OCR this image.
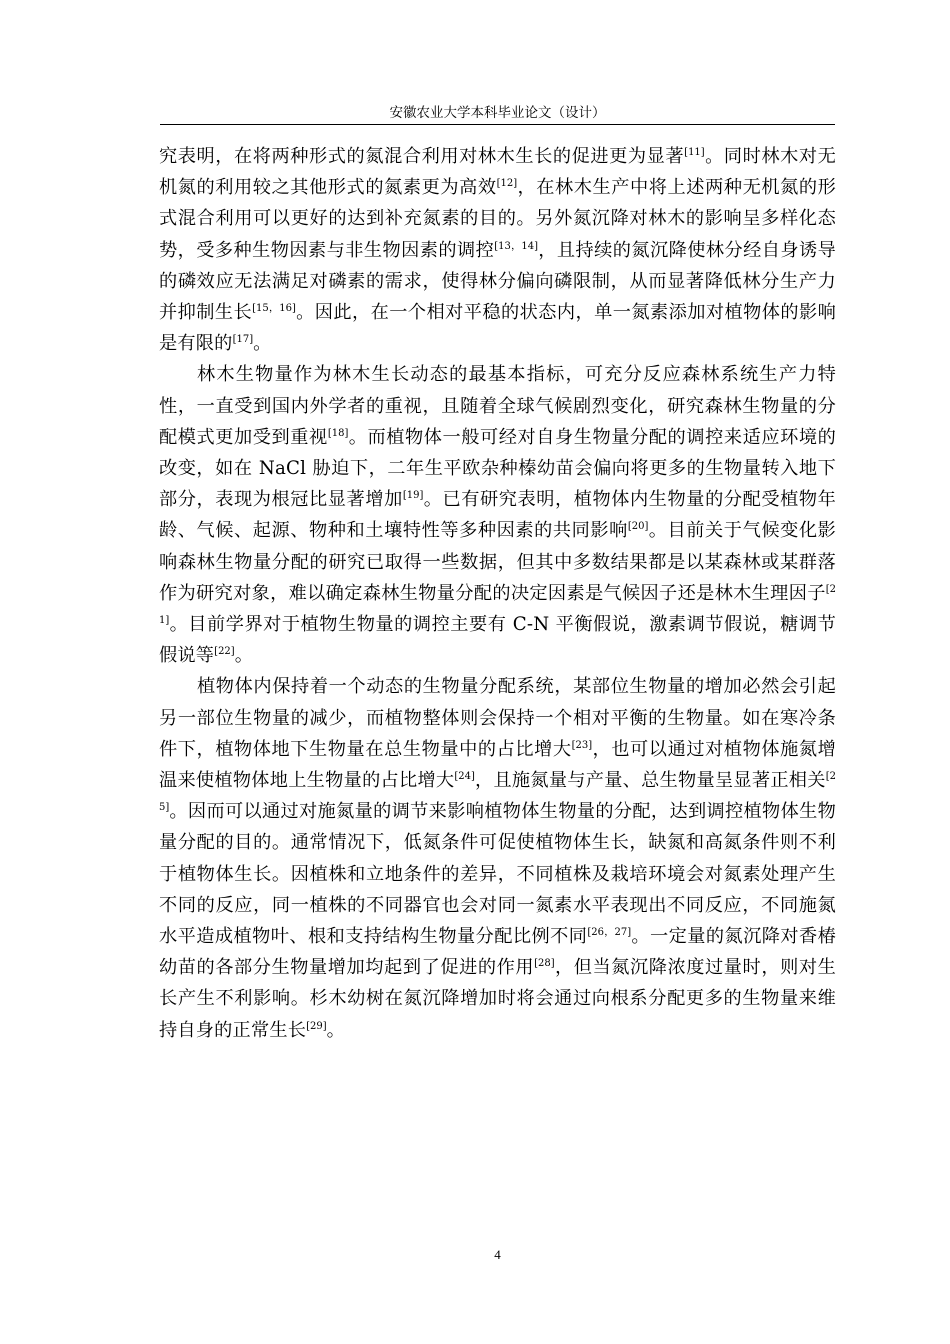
安徽农业大学本科毕业论文（设计）

究表明，在将两种形式的氮混合利用对林木生长的促进更为显著[11]。同时林木对无机氮的利用较之其他形式的氮素更为高效[12]，在林木生产中将上述两种无机氮的形式混合利用可以更好的达到补充氮素的目的。另外氮沉降对林木的影响呈多样化态势，受多种生物因素与非生物因素的调控[13，14]，且持续的氮沉降使林分经自身诱导的磷效应无法满足对磷素的需求，使得林分偏向磷限制，从而显著降低林分生产力并抑制生长[15，16]。因此，在一个相对平稳的状态内，单一氮素添加对植物体的影响是有限的[17]。

林木生物量作为林木生长动态的最基本指标，可充分反应森林系统生产力特性，一直受到国内外学者的重视，且随着全球气候剧烈变化，研究森林生物量的分配模式更加受到重视[18]。而植物体一般可经对自身生物量分配的调控来适应环境的改变，如在 NaCl 胁迫下，二年生平欧杂种榛幼苗会偏向将更多的生物量转入地下部分，表现为根冠比显著增加[19]。已有研究表明，植物体内生物量的分配受植物年龄、气候、起源、物种和土壤特性等多种因素的共同影响[20]。目前关于气候变化影响森林生物量分配的研究已取得一些数据，但其中多数结果都是以某森林或某群落作为研究对象，难以确定森林生物量分配的决定因素是气候因子还是林木生理因子[21]。目前学界对于植物生物量的调控主要有 C-N 平衡假说，激素调节假说，糖调节假说等[22]。

植物体内保持着一个动态的生物量分配系统，某部位生物量的增加必然会引起另一部位生物量的减少，而植物整体则会保持一个相对平衡的生物量。如在寒冷条件下，植物体地下生物量在总生物量中的占比增大[23]，也可以通过对植物体施氮增温来使植物体地上生物量的占比增大[24]，且施氮量与产量、总生物量呈显著正相关[25]。因而可以通过对施氮量的调节来影响植物体生物量的分配，达到调控植物体生物量分配的目的。通常情况下，低氮条件可促使植物体生长，缺氮和高氮条件则不利于植物体生长。因植株和立地条件的差异，不同植株及栽培环境会对氮素处理产生不同的反应，同一植株的不同器官也会对同一氮素水平表现出不同反应，不同施氮水平造成植物叶、根和支持结构生物量分配比例不同[26，27]。一定量的氮沉降对香椿幼苗的各部分生物量增加均起到了促进的作用[28]，但当氮沉降浓度过量时，则对生长产生不利影响。杉木幼树在氮沉降增加时将会通过向根系分配更多的生物量来维持自身的正常生长[29]。

4
